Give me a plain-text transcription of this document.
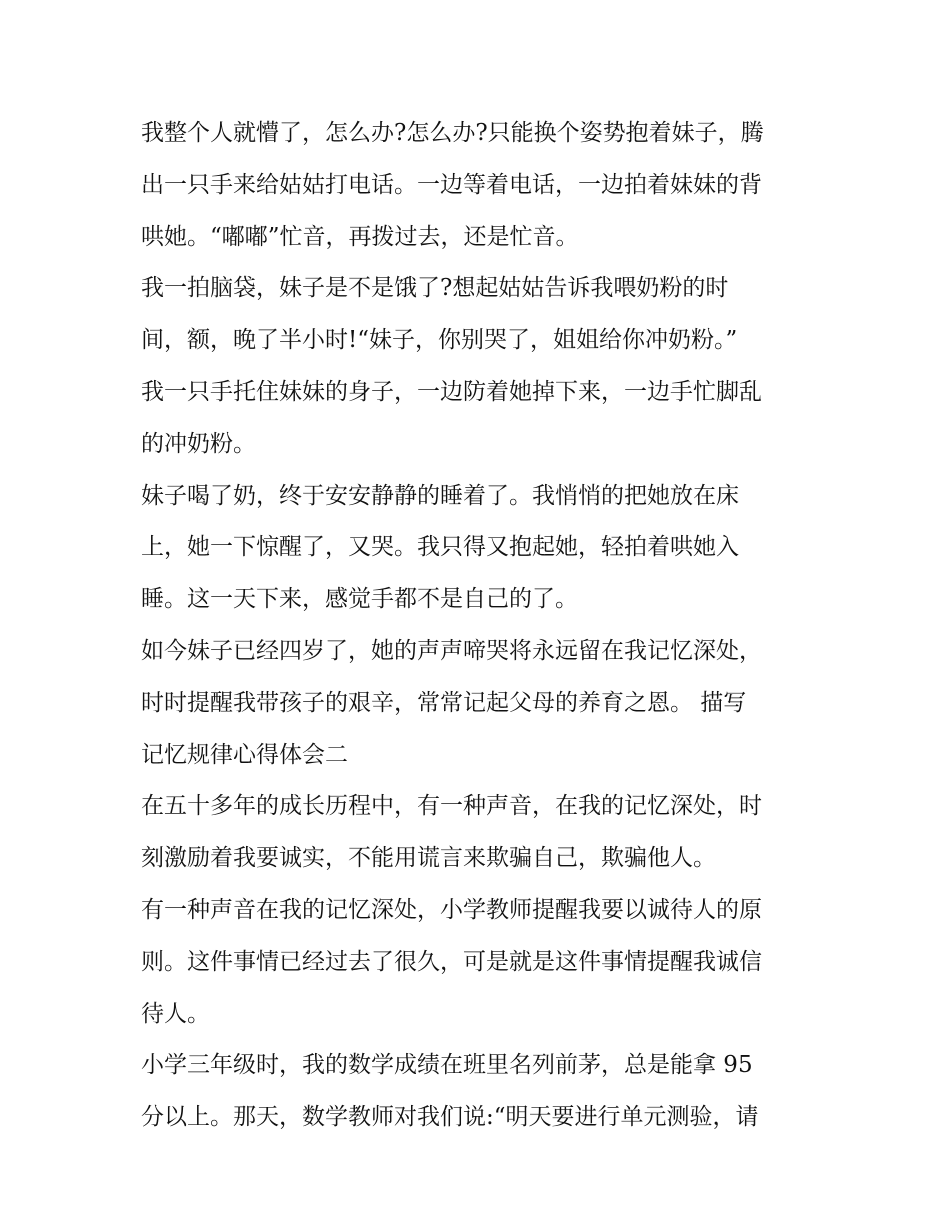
我整个人就懵了，怎么办?怎么办?只能换个姿势抱着妹子，腾
出一只手来给姑姑打电话。一边等着电话，一边拍着妹妹的背
哄她。“嘟嘟”忙音，再拨过去，还是忙音。
我一拍脑袋，妹子是不是饿了?想起姑姑告诉我喂奶粉的时
间，额，晚了半小时!“妹子，你别哭了，姐姐给你冲奶粉。”
我一只手托住妹妹的身子，一边防着她掉下来，一边手忙脚乱
的冲奶粉。
妹子喝了奶，终于安安静静的睡着了。我悄悄的把她放在床
上，她一下惊醒了，又哭。我只得又抱起她，轻拍着哄她入
睡。这一天下来，感觉手都不是自己的了。
如今妹子已经四岁了，她的声声啼哭将永远留在我记忆深处，
时时提醒我带孩子的艰辛，常常记起父母的养育之恩。 描写
记忆规律心得体会二
在五十多年的成长历程中，有一种声音，在我的记忆深处，时
刻激励着我要诚实，不能用谎言来欺骗自己，欺骗他人。
有一种声音在我的记忆深处，小学教师提醒我要以诚待人的原
则。这件事情已经过去了很久，可是就是这件事情提醒我诚信
待人。
小学三年级时，我的数学成绩在班里名列前茅，总是能拿 95
分以上。那天，数学教师对我们说:“明天要进行单元测验，请
